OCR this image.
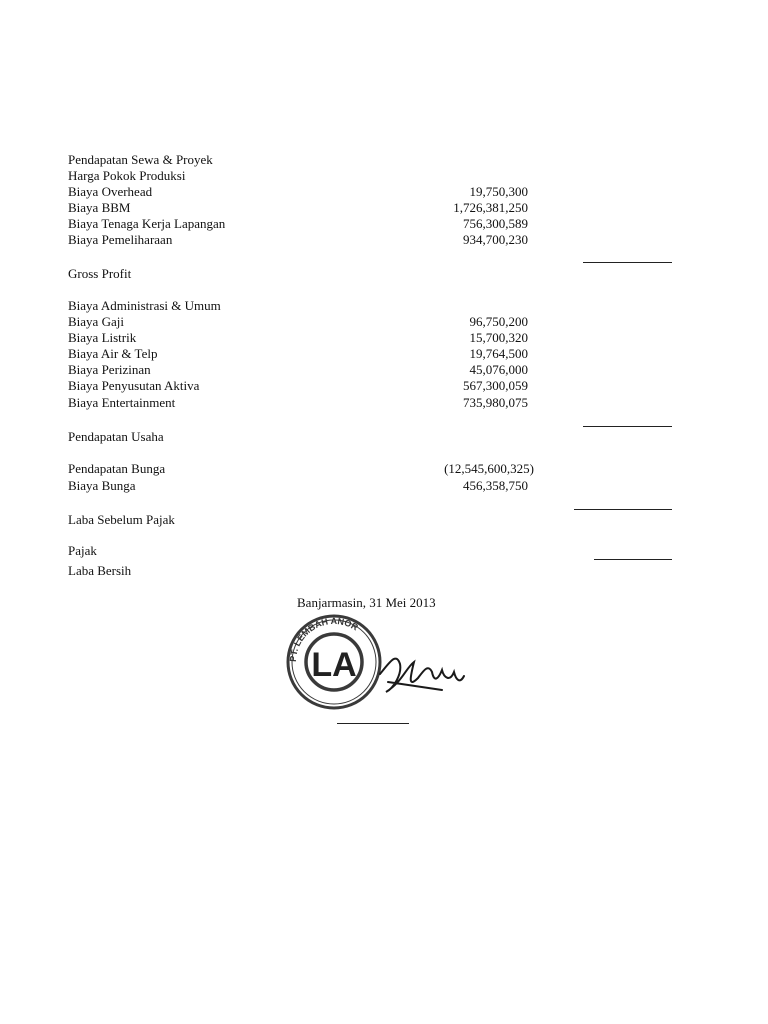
Pendapatan Sewa & Proyek
Harga Pokok Produksi
Biaya Overhead	19,750,300
Biaya BBM	1,726,381,250
Biaya Tenaga Kerja Lapangan	756,300,589
Biaya Pemeliharaan	934,700,230
Gross Profit
Biaya Administrasi & Umum
Biaya Gaji	96,750,200
Biaya Listrik	15,700,320
Biaya Air & Telp	19,764,500
Biaya Perizinan	45,076,000
Biaya Penyusutan Aktiva	567,300,059
Biaya Entertainment	735,980,075
Pendapatan Usaha
Pendapatan Bunga	(12,545,600,325)
Biaya Bunga	456,358,750
Laba Sebelum Pajak
Pajak
Laba Bersih
Banjarmasin, 31 Mei 2013
PT. LEMBAH ANOR
LA
